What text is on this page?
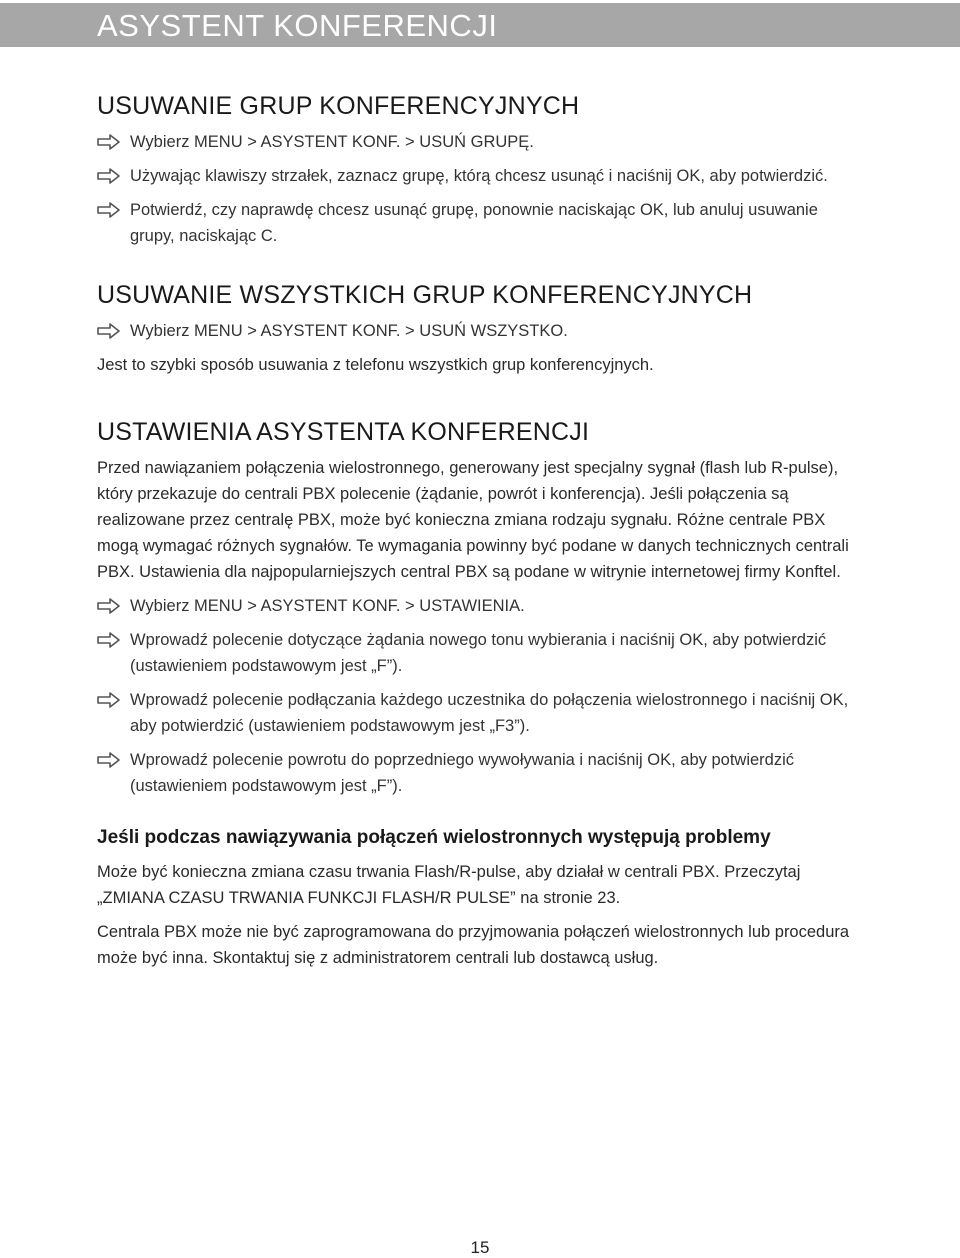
ASYSTENT KONFERENCJI
USUWANIE GRUP KONFERENCYJNYCH
Wybierz MENU > ASYSTENT KONF. > USUŃ GRUPĘ.
Używając klawiszy strzałek, zaznacz grupę, którą chcesz usunąć i naciśnij OK, aby potwierdzić.
Potwierdź, czy naprawdę chcesz usunąć grupę, ponownie naciskając OK, lub anuluj usuwanie grupy, naciskając C.
USUWANIE WSZYSTKICH GRUP KONFERENCYJNYCH
Wybierz MENU > ASYSTENT KONF. > USUŃ WSZYSTKO.

Jest to szybki sposób usuwania z telefonu wszystkich grup konferencyjnych.

USTAWIENIA ASYSTENTA KONFERENCJI

Przed nawiązaniem połączenia wielostronnego, generowany jest specjalny sygnał (flash lub R-pulse), który przekazuje do centrali PBX polecenie (żądanie, powrót i konferencja). Jeśli połączenia są realizowane przez centralę PBX, może być konieczna zmiana rodzaju sygnału. Różne centrale PBX mogą wymagać różnych sygnałów. Te wymagania powinny być podane w danych technicznych centrali PBX. Ustawienia dla najpopularniejszych central PBX są podane w witrynie internetowej firmy Konftel.

Wybierz MENU > ASYSTENT KONF. > USTAWIENIA.
Wprowadź polecenie dotyczące żądania nowego tonu wybierania i naciśnij OK, aby potwierdzić (ustawieniem podstawowym jest „F”).
Wprowadź polecenie podłączania każdego uczestnika do połączenia wielostronnego i naciśnij OK, aby potwierdzić (ustawieniem podstawowym jest „F3”).
Wprowadź polecenie powrotu do poprzedniego wywoływania i naciśnij OK, aby potwierdzić (ustawieniem podstawowym jest „F”).
Jeśli podczas nawiązywania połączeń wielostronnych występują problemy

Może być konieczna zmiana czasu trwania Flash/R-pulse, aby działał w centrali PBX. Przeczytaj „ZMIANA CZASU TRWANIA FUNKCJI FLASH/R PULSE” na stronie 23.

Centrala PBX może nie być zaprogramowana do przyjmowania połączeń wielostronnych lub procedura może być inna. Skontaktuj się z administratorem centrali lub dostawcą usług.

15
